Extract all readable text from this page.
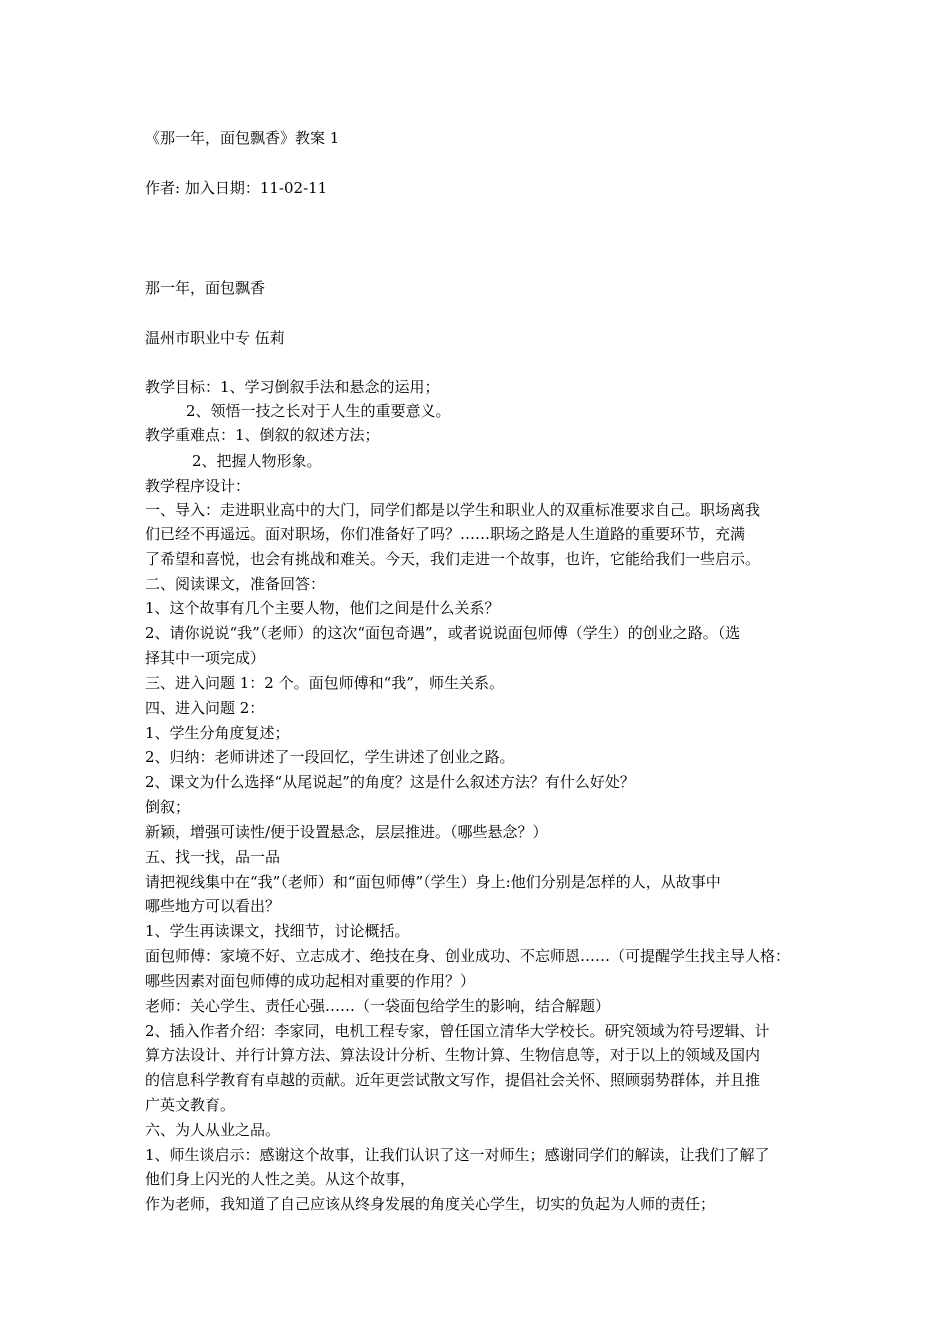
《那一年，面包飘香》教案 1
作者: 加入日期：11-02-11
那一年，面包飘香
温州市职业中专 伍莉
教学目标：1、学习倒叙手法和悬念的运用；
2、领悟一技之长对于人生的重要意义。
教学重难点：1、倒叙的叙述方法；
2、把握人物形象。
教学程序设计：
一、导入：走进职业高中的大门，同学们都是以学生和职业人的双重标准要求自己。职场离我
们已经不再遥远。面对职场，你们准备好了吗？……职场之路是人生道路的重要环节，充满
了希望和喜悦，也会有挑战和难关。今天，我们走进一个故事，也许，它能给我们一些启示。
二、阅读课文，准备回答：
1、这个故事有几个主要人物，他们之间是什么关系？
2、请你说说“我”（老师）的这次“面包奇遇”，或者说说面包师傅（学生）的创业之路。（选
择其中一项完成）
三、进入问题 1：2 个。面包师傅和“我”，师生关系。
四、进入问题 2：
1、学生分角度复述；
2、归纳：老师讲述了一段回忆，学生讲述了创业之路。
2、课文为什么选择“从尾说起”的角度？这是什么叙述方法？有什么好处？
倒叙；
新颖，增强可读性/便于设置悬念，层层推进。（哪些悬念？）
五、找一找，品一品
请把视线集中在“我”（老师）和“面包师傅”（学生）身上:他们分别是怎样的人，从故事中
哪些地方可以看出？
1、学生再读课文，找细节，讨论概括。
面包师傅：家境不好、立志成才、绝技在身、创业成功、不忘师恩……（可提醒学生找主导人格：
哪些因素对面包师傅的成功起相对重要的作用？）
老师：关心学生、责任心强……（一袋面包给学生的影响，结合解题）
2、插入作者介绍：李家同，电机工程专家，曾任国立清华大学校长。研究领域为符号逻辑、计
算方法设计、并行计算方法、算法设计分析、生物计算、生物信息等，对于以上的领域及国内
的信息科学教育有卓越的贡献。近年更尝试散文写作，提倡社会关怀、照顾弱势群体，并且推
广英文教育。
六、为人从业之品。
1、师生谈启示：感谢这个故事，让我们认识了这一对师生；感谢同学们的解读，让我们了解了
他们身上闪光的人性之美。从这个故事，
作为老师，我知道了自己应该从终身发展的角度关心学生，切实的负起为人师的责任；
